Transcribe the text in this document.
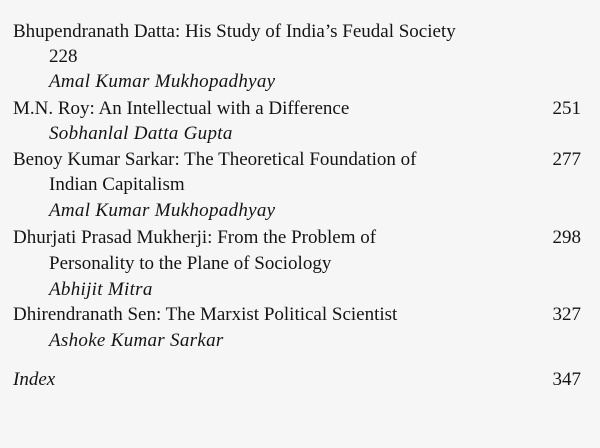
Bhupendranath Datta: His Study of India’s Feudal Society
228
Amal Kumar Mukhopadhyay
M.N. Roy: An Intellectual with a Difference	251
Sobhanlal Datta Gupta
Benoy Kumar Sarkar: The Theoretical Foundation of	277
Indian Capitalism
Amal Kumar Mukhopadhyay
Dhurjati Prasad Mukherji: From the Problem of	298
Personality to the Plane of Sociology
Abhijit Mitra
Dhirendranath Sen: The Marxist Political Scientist	327
Ashoke Kumar Sarkar
Index	347
